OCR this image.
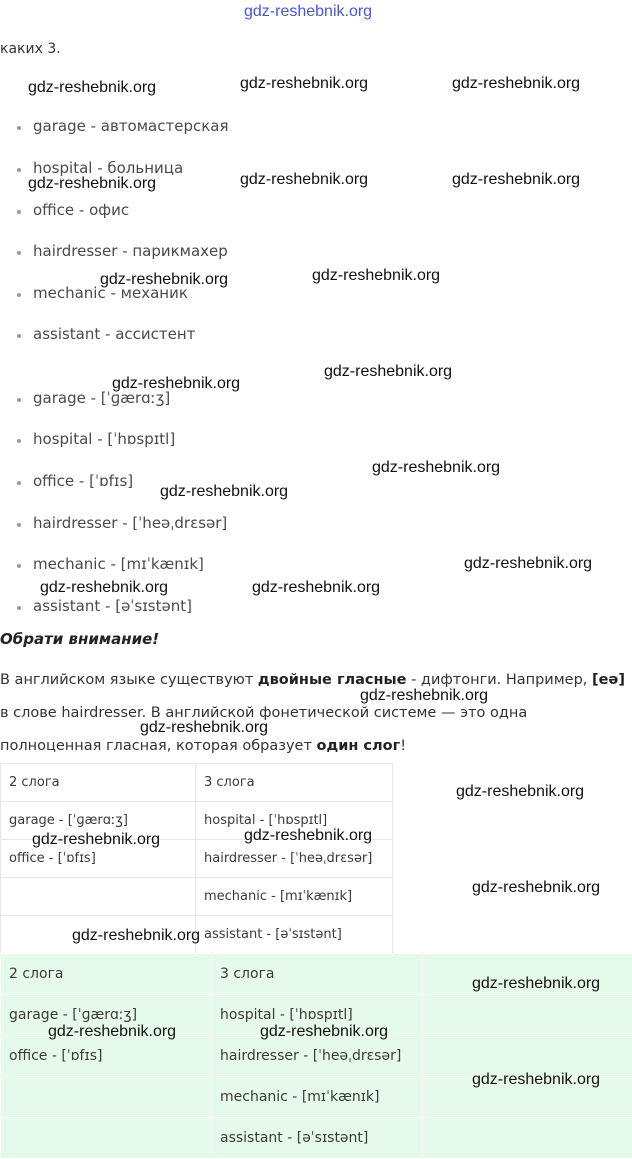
gdz-reshebnik.org
каких 3.
garage - автомастерская
hospital - больница
office - офис
hairdresser - парикмахер
mechanic - механик
assistant - ассистент
garage - [ˈɡærɑːʒ]
hospital - [ˈhɒspɪtl]
office - [ˈɒfɪs]
hairdresser - [ˈheəˌdrɛsər]
mechanic - [mɪˈkænɪk]
assistant - [əˈsɪstənt]
Обрати внимание!
В английском языке существуют двойные гласные - дифтонги. Например, [eə] в слове hairdresser. В английской фонетической системе — это одна полноценная гласная, которая образует один слог!
2 слога	3 слога
garage - [ˈɡærɑːʒ]	hospital - [ˈhɒspɪtl]
office - [ˈɒfɪs]	hairdresser - [ˈheəˌdrɛsər]
	mechanic - [mɪˈkænɪk]
	assistant - [əˈsɪstənt]
2 слога	3 слога	
garage - [ˈɡærɑːʒ]	hospital - [ˈhɒspɪtl]	
office - [ˈɒfɪs]	hairdresser - [ˈheəˌdrɛsər]	
	mechanic - [mɪˈkænɪk]	
	assistant - [əˈsɪstənt]	
gdz-reshebnik.org	gdz-reshebnik.org	gdz-reshebnik.org
gdz-reshebnik.org	gdz-reshebnik.org	gdz-reshebnik.org
gdz-reshebnik.org	gdz-reshebnik.org
gdz-reshebnik.org
gdz-reshebnik.org
gdz-reshebnik.org
gdz-reshebnik.org
gdz-reshebnik.org
gdz-reshebnik.org	gdz-reshebnik.org
gdz-reshebnik.org
gdz-reshebnik.org
gdz-reshebnik.org
gdz-reshebnik.org	gdz-reshebnik.org
gdz-reshebnik.org
gdz-reshebnik.org
gdz-reshebnik.org
gdz-reshebnik.org	gdz-reshebnik.org
gdz-reshebnik.org
